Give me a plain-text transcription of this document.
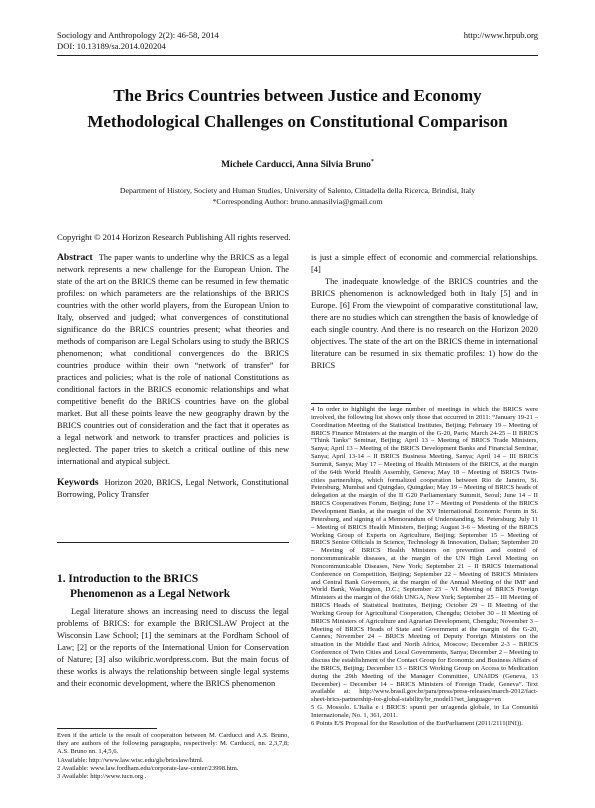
Sociology and Anthropology 2(2): 46-58, 2014
DOI: 10.13189/sa.2014.020204
http://www.hrpub.org
The Brics Countries between Justice and Economy
Methodological Challenges on Constitutional Comparison
Michele Carducci, Anna Silvia Bruno*
Department of History, Society and Human Studies, University of Salento, Cittadella della Ricerca, Brindisi, Italy
*Corresponding Author: bruno.annasilvia@gmail.com
Copyright © 2014 Horizon Research Publishing All rights reserved.

Abstract The paper wants to underline why the BRICS as a legal network represents a new challenge for the European Union. The state of the art on the BRICS theme can be resumed in few thematic profiles: on which parameters are the relationships of the BRICS countries with the other world players, from the European Union to Italy, observed and judged; what convergences of constitutional significance do the BRICS countries present; what theories and methods of comparison are Legal Scholars using to study the BRICS phenomenon; what conditional convergences do the BRICS countries produce within their own “network of transfer” for practices and policies; what is the role of national Constitutions as conditional factors in the BRICS economic relationships and what competitive benefit do the BRICS countries have on the global market. But all these points leave the new geography drawn by the BRICS countries out of consideration and the fact that it operates as a legal network and network to transfer practices and policies is neglected. The paper tries to sketch a critical outline of this new international and atypical subject.

Keywords Horizon 2020, BRICS, Legal Network, Constitutional Borrowing, Policy Transfer

1. Introduction to the BRICS
Phenomenon as a Legal Network

Legal literature shows an increasing need to discuss the legal problems of BRICS: for example the BRICSLAW Project at the Wisconsin Law School; [1] the seminars at the Fordham School of Law; [2] or the reports of the International Union for Conservation of Nature; [3] also wikibric.wordpress.com. But the main focus of these works is always the relationship between single legal systems and their economic development, where the BRICS phenomenon

Even if the article is the result of cooperation between M. Carducci and A.S. Bruno, they are authors of the following paragraphs, respectively: M. Carducci, nn. 2,3,7,8; A.S. Bruno nn. 1,4,5,6.
1Available: http://www.law.wisc.edu/gls/bricslaw/html.
2 Available: www.law.fordham.edu/corporate-law-center/23998.htm.
3 Available: http://www.iucn.org .

is just a simple effect of economic and commercial relationships. [4]

The inadequate knowledge of the BRICS countries and the BRICS phenomenon is acknowledged both in Italy [5] and in Europe. [6] From the viewpoint of comparative constitutional law, there are no studies which can strengthen the basis of knowledge of each single country. And there is no research on the Horizon 2020 objectives. The state of the art on the BRICS theme in international literature can be resumed in six thematic profiles: 1) how do the BRICS

4 In order to highlight the large number of meetings in which the BRICS were involved, the following list shows only those that occurred in 2011: “January 19-21 – Coordination Meeting of the Statistical Institutes, Beijing; February 19 – Meeting of BRICS Finance Ministers at the margin of the G-20, Paris; March 24-25 – II BRICS "Think Tanks" Seminar, Beijing; April 13 – Meeting of BRICS Trade Ministers, Sanya; April 13 – Meeting of the BRICS Development Banks and Financial Seminar, Sanya; April 13-14 – II BRICS Business Meeting, Sanya; April 14 – III BRICS Summit, Sanya; May 17 – Meeting of Health Ministers of the BRICS, at the margin of the 64th World Health Assembly, Geneva; May 18 – Meeting of BRICS Twin-cities partnerships, which formalized cooperation between Rio de Janeiro, St. Petersburg, Mumbai and Quingdao, Quingdao; May 19 – Meeting of BRICS heads of delegation at the margin of the II G20 Parliamentary Summit, Seoul; June 14 – II BRICS Cooperatives Forum, Beijing; June 17 – Meeting of Presidents of the BRICS Development Banks, at the margin of the XV International Economic Forum in St. Petersburg, and signing of a Memorandum of Understanding, St. Petersburg; July 11 – Meeting of BRICS Health Ministers, Beijing; August 3-6 – Meeting of the BRICS Working Group of Experts on Agriculture, Beijing; September 15 – Meeting of BRICS Senior Officials in Science, Technology & Innovation, Dalian; September 20 – Meeting of BRICS Health Ministers on prevention and control of noncommunicable diseases, at the margin of the UN High Level Meeting on Noncommunicable Diseases, New York; September 21 – II BRICS International Conference on Competition, Beijing; September 22 – Meeting of BRICS Ministers and Central Bank Governors, at the margin of the Annual Meeting of the IMF and World Bank, Washington, D.C.; September 23 – VI Meeting of BRICS Foreign Ministers at the margin of the 66th UNGA, New York; September 25 – III Meeting of BRICS Heads of Statistical Institutes, Beijing; October 29 – II Meeting of the Working Group for Agricultural Cooperation, Chengdu; October 30 – II Meeting of BRICS Ministers of Agriculture and Agrarian Development, Chengdu; November 3 – Meeting of BRICS Heads of State and Government at the margin of the G-20, Cannes; November 24 – BRICS Meeting of Deputy Foreign Ministers on the situation in the Middle East and North Africa, Moscow; December 2-3 – BRICS Conference of Twin Cities and Local Governments, Sanya; December 2 – Meeting to discuss the establishment of the Contact Group for Economic and Business Affairs of the BRICS, Beijing; December 13 – BRICS Working Group on Access to Medication during the 29th Meeting of the Manager Committee, UNAIDS (Geneva, 13 December) – December 14 – BRICS Ministers of Foreign Trade, Geneva”. Text available at: http://www.brasil.gov.br/para/press/press-releases/march-2012/fact-sheet-brics-partnership-for-global-stability/br_model1?set_language=en
5 G. Mossolo. L'Italia e i BRICS: spunti per un'agenda globale, in La Comunità Internazionale, No. 1, 361, 2011.
6 Points E/S Proposal for the Resolution of the EurParliament (2011/2111(INI)).
